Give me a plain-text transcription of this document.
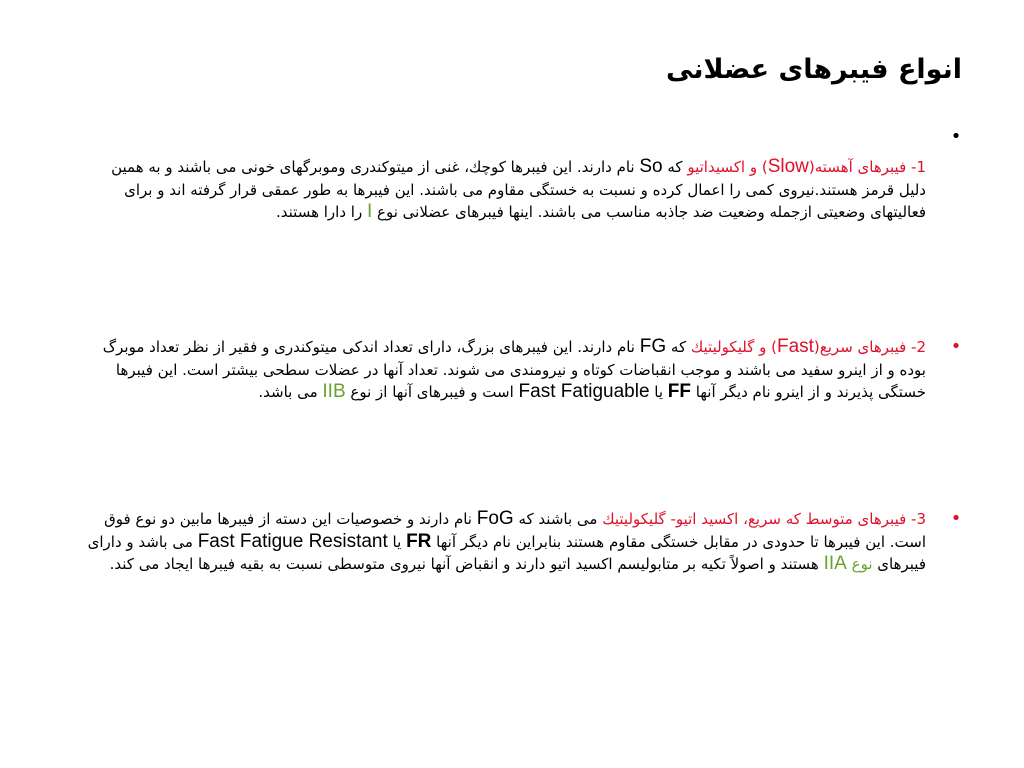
انواع فیبرهای عضلانی
•

1- فیبرهای آهسته(Slow) و اکسیداتیو که So نام دارند. این فیبرها کوچك، غنی از میتوکندری وموبرگهای خونی می باشند و به همین دلیل قرمز هستند.نیروی کمی را اعمال کرده و نسبت به خستگی مقاوم می باشند. این فیبرها به طور عمقی قرار گرفته اند و برای فعالیتهای وضعیتی ازجمله وضعیت ضد جاذبه مناسب می باشند. اینها فیبرهای عضلانی نوع I را دارا هستند.

•

2- فیبرهای سریع(Fast) و گلیکولیتیك که FG نام دارند. این فیبرهای بزرگ، دارای تعداد اندکی میتوکندری و فقیر از نظر تعداد موبرگ بوده و از اینرو سفید می باشند و موجب انقباضات کوتاه و نیرومندی می شوند. تعداد آنها در عضلات سطحی بیشتر است. این فیبرها خستگی پذیرند و از اینرو نام دیگر آنها FF یا Fast Fatiguable است و فیبرهای آنها از نوع IIB می باشد.

•

3- فیبرهای متوسط که سریع، اکسید اتیو- گلیکولیتیك می باشند که FoG نام دارند و خصوصیات این دسته از فیبرها مابین دو نوع فوق است. این فیبرها تا حدودی در مقابل خستگی مقاوم هستند بنابراین نام دیگر آنها FR یا Fast Fatigue Resistant می باشد و دارای فیبرهای نوع IIA هستند و اصولاً تکیه بر متابولیسم اکسید اتیو دارند و انقباض آنها نیروی متوسطی نسبت به بقیه فیبرها ایجاد می کند.
